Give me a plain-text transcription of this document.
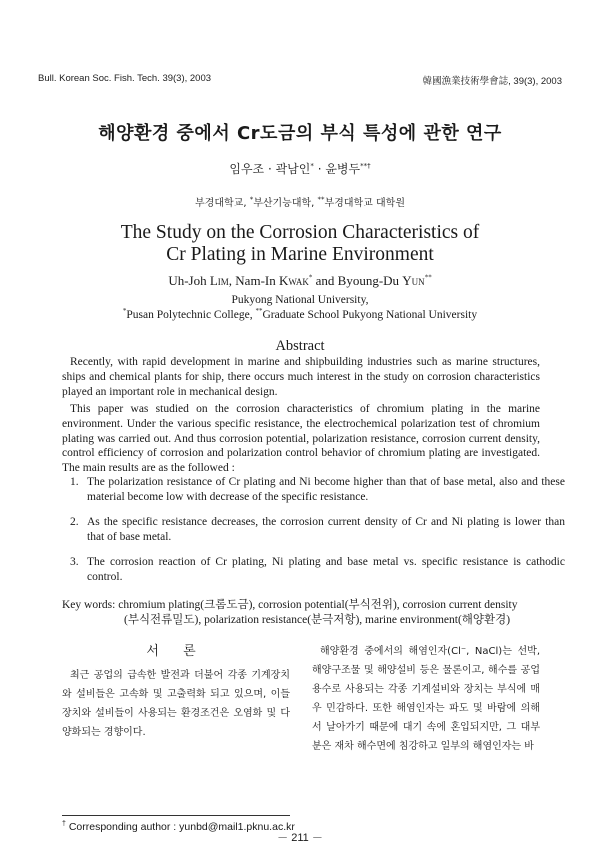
Bull. Korean Soc. Fish. Tech. 39(3), 2003	韓國漁業技術學會誌, 39(3), 2003
해양환경 중에서 Cr도금의 부식 특성에 관한 연구
임우조 · 곽남인* · 윤병두**†
부경대학교, *부산기능대학, **부경대학교 대학원
The Study on the Corrosion Characteristics of
Cr Plating in Marine Environment
Uh-Joh Lim, Nam-In Kwak* and Byoung-Du Yun**
Pukyong National University,
*Pusan Polytechnic College, **Graduate School Pukyong National University
Abstract

Recently, with rapid development in marine and shipbuilding industries such as marine structures, ships and chemical plants for ship, there occurs much interest in the study on corrosion characteristics played an important role in mechanical design.

This paper was studied on the corrosion characteristics of chromium plating in the marine environment. Under the various specific resistance, the electrochemical polarization test of chromium plating was carried out. And thus corrosion potential, polarization resistance, corrosion current density, control efficiency of corrosion and polarization control behavior of chromium plating are investigated. The main results are as the followed :

1. The polarization resistance of Cr plating and Ni become higher than that of base metal, also and these material become low with decrease of the specific resistance.
2. As the specific resistance decreases, the corrosion current density of Cr and Ni plating is lower than that of base metal.
3. The corrosion reaction of Cr plating, Ni plating and base metal vs. specific resistance is cathodic control.
Key words: chromium plating(크롬도금), corrosion potential(부식전위), corrosion current density
(부식전류밀도), polarization resistance(분극저항), marine environment(해양환경)
서 론

최근 공업의 급속한 발전과 더불어 각종 기계장치와 설비들은 고속화 및 고출력화 되고 있으며, 이들 장치와 설비들이 사용되는 환경조건은 오염화 및 다양화되는 경향이다.

해양환경 중에서의 해염인자(Cl⁻, NaCl)는 선박, 해양구조물 및 해양설비 등은 물론이고, 해수를 공업용수로 사용되는 각종 기계설비와 장치는 부식에 매우 민감하다. 또한 해염인자는 파도 및 바람에 의해서 날아가기 때문에 대기 속에 혼입되지만, 그 대부분은 재차 해수면에 침강하고 일부의 해염인자는 바

† Corresponding author : yunbd@mail1.pknu.ac.kr
－ 211 －
